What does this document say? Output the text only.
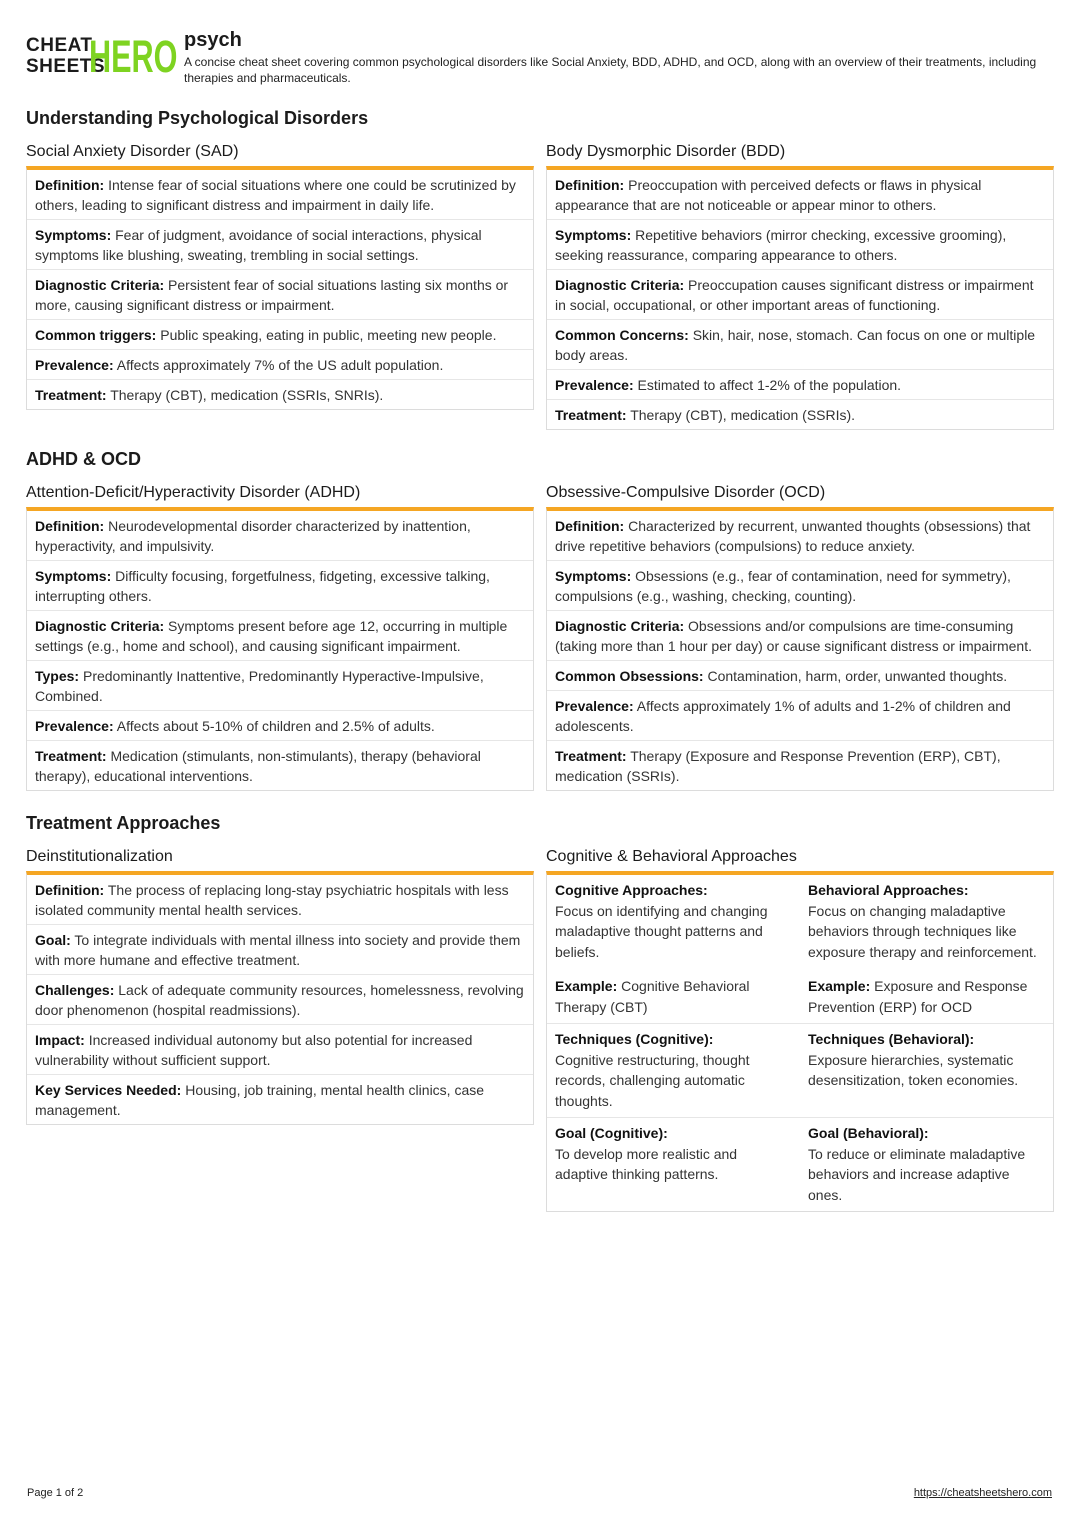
CHEAT
SHEETS
HERO psych
A concise cheat sheet covering common psychological disorders like Social Anxiety, BDD, ADHD, and OCD, along with an overview of their treatments, including therapies and pharmaceuticals.
Understanding Psychological Disorders
Social Anxiety Disorder (SAD)
Definition: Intense fear of social situations where one could be scrutinized by others, leading to significant distress and impairment in daily life.
Symptoms: Fear of judgment, avoidance of social interactions, physical symptoms like blushing, sweating, trembling in social settings.
Diagnostic Criteria: Persistent fear of social situations lasting six months or more, causing significant distress or impairment.
Common triggers: Public speaking, eating in public, meeting new people.
Prevalence: Affects approximately 7% of the US adult population.
Treatment: Therapy (CBT), medication (SSRIs, SNRIs).
Body Dysmorphic Disorder (BDD)
Definition: Preoccupation with perceived defects or flaws in physical appearance that are not noticeable or appear minor to others.
Symptoms: Repetitive behaviors (mirror checking, excessive grooming), seeking reassurance, comparing appearance to others.
Diagnostic Criteria: Preoccupation causes significant distress or impairment in social, occupational, or other important areas of functioning.
Common Concerns: Skin, hair, nose, stomach. Can focus on one or multiple body areas.
Prevalence: Estimated to affect 1-2% of the population.
Treatment: Therapy (CBT), medication (SSRIs).
ADHD & OCD
Attention-Deficit/Hyperactivity Disorder (ADHD)
Definition: Neurodevelopmental disorder characterized by inattention, hyperactivity, and impulsivity.
Symptoms: Difficulty focusing, forgetfulness, fidgeting, excessive talking, interrupting others.
Diagnostic Criteria: Symptoms present before age 12, occurring in multiple settings (e.g., home and school), and causing significant impairment.
Types: Predominantly Inattentive, Predominantly Hyperactive-Impulsive, Combined.
Prevalence: Affects about 5-10% of children and 2.5% of adults.
Treatment: Medication (stimulants, non-stimulants), therapy (behavioral therapy), educational interventions.
Obsessive-Compulsive Disorder (OCD)
Definition: Characterized by recurrent, unwanted thoughts (obsessions) that drive repetitive behaviors (compulsions) to reduce anxiety.
Symptoms: Obsessions (e.g., fear of contamination, need for symmetry), compulsions (e.g., washing, checking, counting).
Diagnostic Criteria: Obsessions and/or compulsions are time-consuming (taking more than 1 hour per day) or cause significant distress or impairment.
Common Obsessions: Contamination, harm, order, unwanted thoughts.
Prevalence: Affects approximately 1% of adults and 1-2% of children and adolescents.
Treatment: Therapy (Exposure and Response Prevention (ERP), CBT), medication (SSRIs).
Treatment Approaches
Deinstitutionalization
Definition: The process of replacing long-stay psychiatric hospitals with less isolated community mental health services.
Goal: To integrate individuals with mental illness into society and provide them with more humane and effective treatment.
Challenges: Lack of adequate community resources, homelessness, revolving door phenomenon (hospital readmissions).
Impact: Increased individual autonomy but also potential for increased vulnerability without sufficient support.
Key Services Needed: Housing, job training, mental health clinics, case management.
Cognitive & Behavioral Approaches
Cognitive Approaches:
Focus on identifying and changing maladaptive thought patterns and beliefs.
Example: Cognitive Behavioral Therapy (CBT)
Behavioral Approaches:
Focus on changing maladaptive behaviors through techniques like exposure therapy and reinforcement.
Example: Exposure and Response Prevention (ERP) for OCD
Techniques (Cognitive):
Cognitive restructuring, thought records, challenging automatic thoughts.
Techniques (Behavioral):
Exposure hierarchies, systematic desensitization, token economies.
Goal (Cognitive):
To develop more realistic and adaptive thinking patterns.
Goal (Behavioral):
To reduce or eliminate maladaptive behaviors and increase adaptive ones.
Page 1 of 2	https://cheatsheetshero.com
